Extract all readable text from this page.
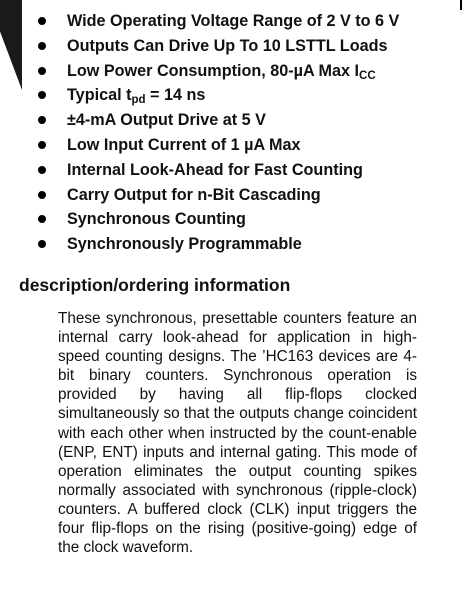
Wide Operating Voltage Range of 2 V to 6 V
Outputs Can Drive Up To 10 LSTTL Loads
Low Power Consumption, 80-µA Max $I_{CC}$
Typical $t_{pd} = 14$ ns
±4-mA Output Drive at 5 V
Low Input Current of 1 µA Max
Internal Look-Ahead for Fast Counting
Carry Output for n-Bit Cascading
Synchronous Counting
Synchronously Programmable
description/ordering information

These synchronous, presettable counters feature an internal carry look-ahead for application in high-speed counting designs. The ’HC163 devices are 4-bit binary counters. Synchronous operation is provided by having all flip-flops clocked simultaneously so that the outputs change coincident with each other when instructed by the count-enable (ENP, ENT) inputs and internal gating. This mode of operation eliminates the output counting spikes normally associated with synchronous (ripple-clock) counters. A buffered clock (CLK) input triggers the four flip-flops on the rising (positive-going) edge of the clock waveform.
